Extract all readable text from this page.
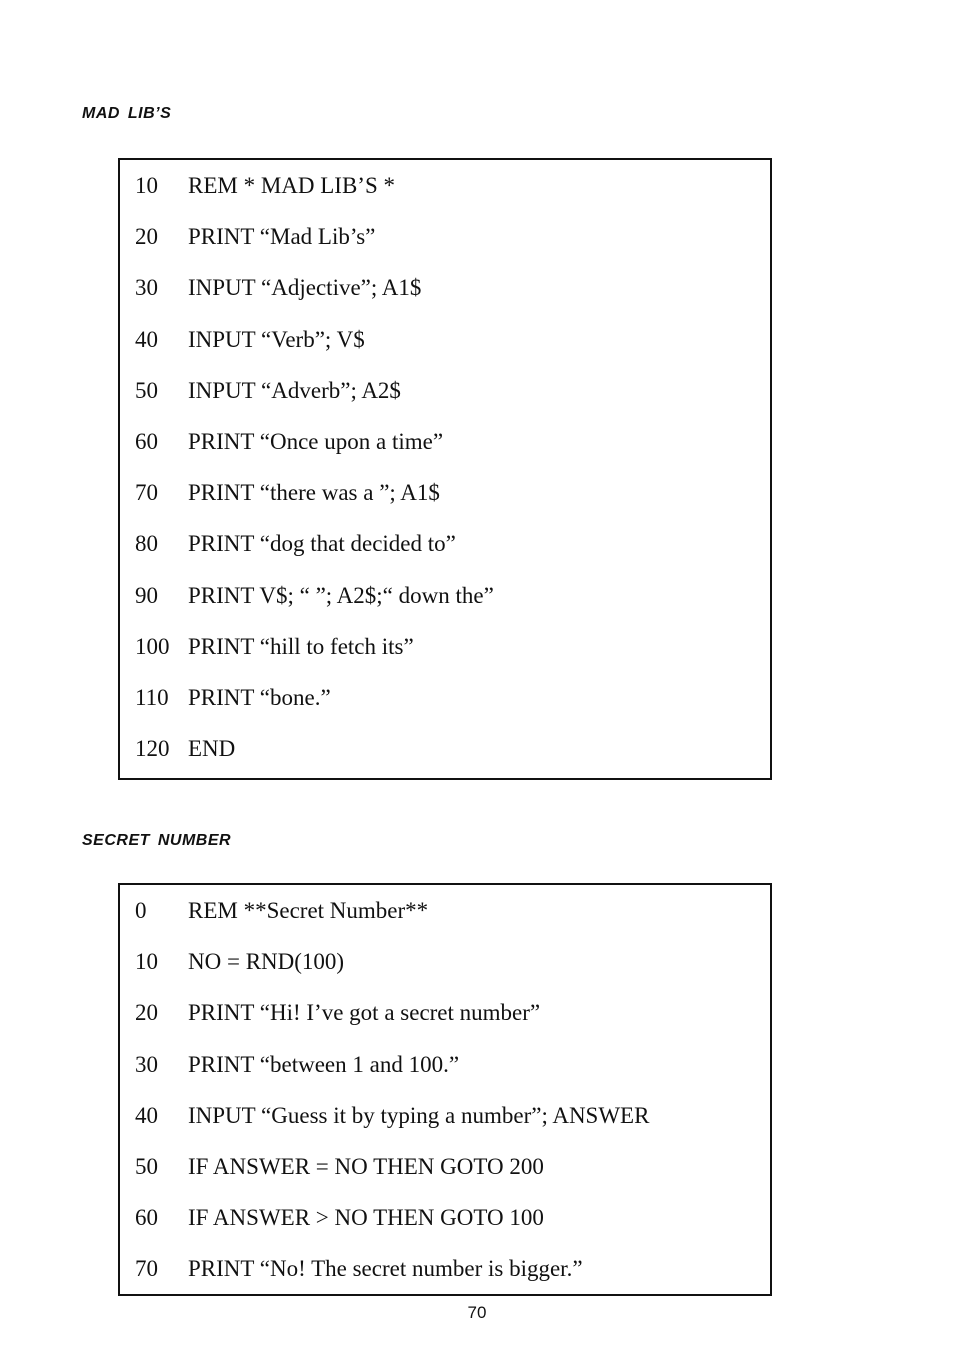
MAD LIB’S
10	REM * MAD LIB’S *
20	PRINT “Mad Lib’s”
30	INPUT “Adjective”; A1$
40	INPUT “Verb”; V$
50	INPUT “Adverb”; A2$
60	PRINT “Once upon a time”
70	PRINT “there was a ”; A1$
80	PRINT “dog that decided to”
90	PRINT V$; “ ”; A2$;“ down the”
100 PRINT “hill to fetch its”
110 PRINT “bone.”
120 END
SECRET NUMBER
0	REM **Secret Number**
10	NO = RND(100)
20	PRINT “Hi! I’ve got a secret number”
30	PRINT “between 1 and 100.”
40	INPUT “Guess it by typing a number”; ANSWER
50	IF ANSWER = NO THEN GOTO 200
60	IF ANSWER > NO THEN GOTO 100
70	PRINT “No! The secret number is bigger.”
70
